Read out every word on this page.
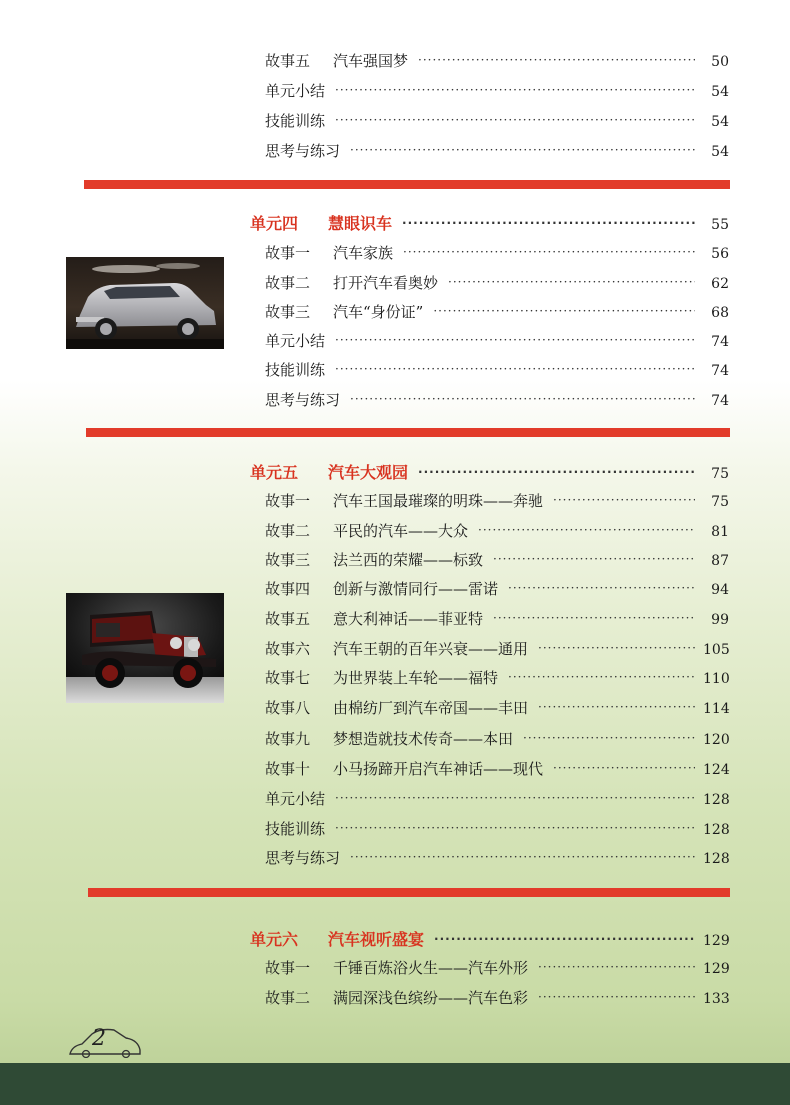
故事五	汽车强国梦 ·····	50
单元小结 ·····	54
技能训练 ·····	54
思考与练习 ·····	54
单元四	慧眼识车 ·····	55
故事一	汽车家族 ·····	56
故事二	打开汽车看奥妙 ·····	62
故事三	汽车“身份证” ·····	68
单元小结 ·····	74
技能训练 ·····	74
思考与练习 ·····	74
单元五	汽车大观园 ·····	75
故事一	汽车王国最璀璨的明珠——奔驰 ·····	75
故事二	平民的汽车——大众 ·····	81
故事三	法兰西的荣耀——标致 ·····	87
故事四	创新与激情同行——雷诺 ·····	94
故事五	意大利神话——菲亚特 ·····	99
故事六	汽车王朝的百年兴衰——通用 ·····	105
故事七	为世界装上车轮——福特 ·····	110
故事八	由棉纺厂到汽车帝国——丰田 ·····	114
故事九	梦想造就技术传奇——本田 ·····	120
故事十	小马扬蹄开启汽车神话——现代 ·····	124
单元小结 ·····	128
技能训练 ·····	128
思考与练习 ·····	128
单元六	汽车视听盛宴 ·····	129
故事一	千锤百炼浴火生——汽车外形 ·····	129
故事二	满园深浅色缤纷——汽车色彩 ·····	133
2
